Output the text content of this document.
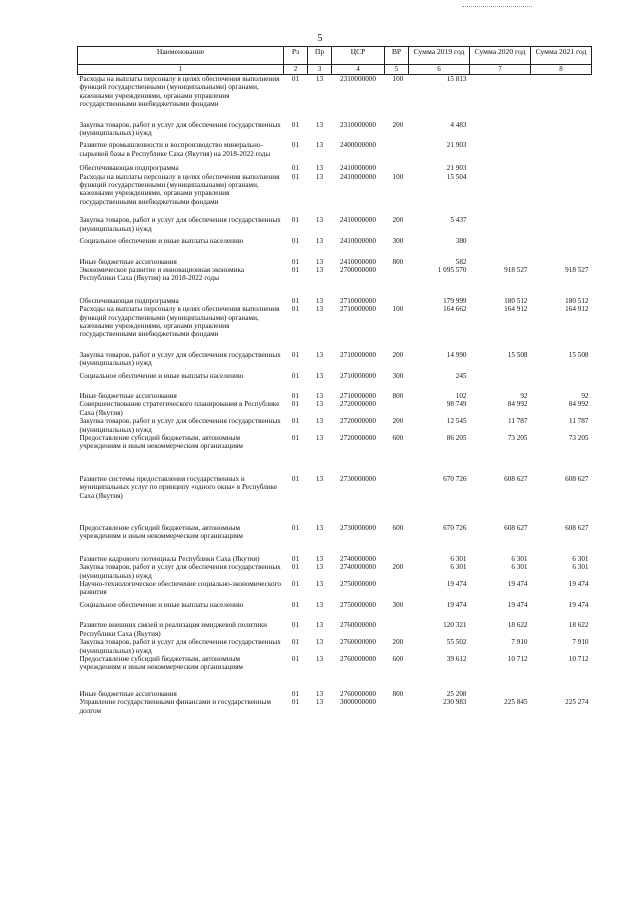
5
Наименование	Рз	Пр	ЦСР	ВР	Сумма 2019 год	Сумма 2020 год	Сумма 2021 год
1	2	3	4	5	6	7	8
Расходы на выплаты персоналу в целях обеспечения выполнения функций государственными (муниципальными) органами, казенными учреждениями, органами управления государственными внебюджетными фондами	01	13	2310000000	100	15 813		
Закупка товаров, работ и услуг для обеспечения государственных (муниципальных) нужд	01	13	2310000000	200	4 483		
Развитие промышленности и воспроизводство минерально-сырьевой базы в Республике Саха (Якутия) на 2018-2022 годы	01	13	2400000000		21 903		
Обеспечивающая подпрограмма	01	13	2410000000		21 903		
Расходы на выплаты персоналу в целях обеспечения выполнения функций государственными (муниципальными) органами, казенными учреждениями, органами управления государственными внебюджетными фондами	01	13	2410000000	100	15 504		
Закупка товаров, работ и услуг для обеспечения государственных (муниципальных) нужд	01	13	2410000000	200	5 437		
Социальное обеспечение и иные выплаты населению	01	13	2410000000	300	380		
Иные бюджетные ассигнования	01	13	2410000000	800	582		
Экономическое развитие и инновационная экономика Республики Саха (Якутия) на 2018-2022 годы	01	13	2700000000		1 095 570	918 527	918 527
Обеспечивающая подпрограмма	01	13	2710000000		179 999	180 512	180 512
Расходы на выплаты персоналу в целях обеспечения выполнения функций государственными (муниципальными) органами, казенными учреждениями, органами управления государственными внебюджетными фондами	01	13	2710000000	100	164 662	164 912	164 912
Закупка товаров, работ и услуг для обеспечения государственных (муниципальных) нужд	01	13	2710000000	200	14 990	15 508	15 508
Социальное обеспечение и иные выплаты населению	01	13	2710000000	300	245		
Иные бюджетные ассигнования	01	13	2710000000	800	102	92	92
Совершенствование стратегического планирования в Республике Саха (Якутия)	01	13	2720000000		98 749	84 992	84 992
Закупка товаров, работ и услуг для обеспечения государственных (муниципальных) нужд	01	13	2720000000	200	12 545	11 787	11 787
Предоставление субсидий бюджетным, автономным учреждениям и иным некоммерческим организациям	01	13	2720000000	600	86 205	73 205	73 205
Развитие системы предоставления государственных и муниципальных услуг по принципу «одного окна» в Республике Саха (Якутия)	01	13	2730000000		670 726	608 627	608 627
Предоставление субсидий бюджетным, автономным учреждениям и иным некоммерческим организациям	01	13	2730000000	600	670 726	608 627	608 627
Развитие кадрового потенциала Республики Саха (Якутия)	01	13	2740000000		6 301	6 301	6 301
Закупка товаров, работ и услуг для обеспечения государственных (муниципальных) нужд	01	13	2740000000	200	6 301	6 301	6 301
Научно-технологическое обеспечение социально-экономического развития	01	13	2750000000		19 474	19 474	19 474
Социальное обеспечение и иные выплаты населению	01	13	2750000000	300	19 474	19 474	19 474
Развитие внешних связей и реализация имиджевой политики Республики Саха (Якутия)	01	13	2760000000		120 321	18 622	18 622
Закупка товаров, работ и услуг для обеспечения государственных (муниципальных) нужд	01	13	2760000000	200	55 502	7 910	7 910
Предоставление субсидий бюджетным, автономным учреждениям и иным некоммерческим организациям	01	13	2760000000	600	39 612	10 712	10 712
Иные бюджетные ассигнования	01	13	2760000000	800	25 208		
Управление государственными финансами и государственным долгом	01	13	3000000000		230 983	225 845	225 274
